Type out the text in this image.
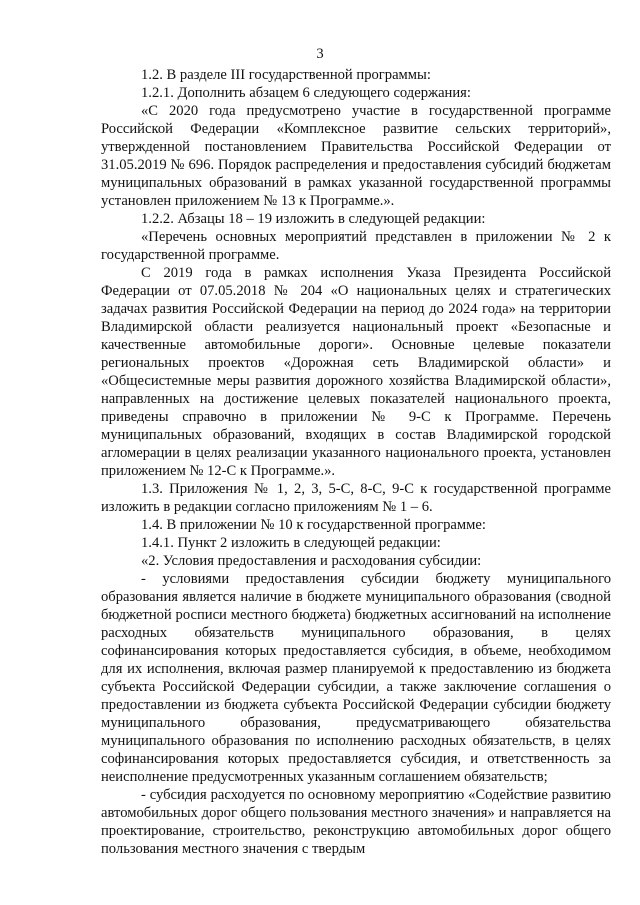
3

1.2. В разделе III государственной программы:

1.2.1. Дополнить абзацем 6 следующего содержания:

«С 2020 года предусмотрено участие в государственной программе Российской Федерации «Комплексное развитие сельских территорий», утвержденной постановлением Правительства Российской Федерации от 31.05.2019 № 696. Порядок распределения и предоставления субсидий бюджетам муниципальных образований в рамках указанной государственной программы установлен приложением № 13 к Программе.».

1.2.2. Абзацы 18 – 19 изложить в следующей редакции:

«Перечень основных мероприятий представлен в приложении № 2 к государственной программе.

С 2019 года в рамках исполнения Указа Президента Российской Федерации от 07.05.2018 № 204 «О национальных целях и стратегических задачах развития Российской Федерации на период до 2024 года» на территории Владимирской области реализуется национальный проект «Безопасные и качественные автомобильные дороги». Основные целевые показатели региональных проектов «Дорожная сеть Владимирской области» и «Общесистемные меры развития дорожного хозяйства Владимирской области», направленных на достижение целевых показателей национального проекта, приведены справочно в приложении № 9-С к Программе. Перечень муниципальных образований, входящих в состав Владимирской городской агломерации в целях реализации указанного национального проекта, установлен приложением № 12-С к Программе.».

1.3. Приложения № 1, 2, 3, 5-С, 8-С, 9-С к государственной программе изложить в редакции согласно приложениям № 1 – 6.

1.4. В приложении № 10 к государственной программе:

1.4.1. Пункт 2 изложить в следующей редакции:

«2. Условия предоставления и расходования субсидии:

- условиями предоставления субсидии бюджету муниципального образования является наличие в бюджете муниципального образования (сводной бюджетной росписи местного бюджета) бюджетных ассигнований на исполнение расходных обязательств муниципального образования, в целях софинансирования которых предоставляется субсидия, в объеме, необходимом для их исполнения, включая размер планируемой к предоставлению из бюджета субъекта Российской Федерации субсидии, а также заключение соглашения о предоставлении из бюджета субъекта Российской Федерации субсидии бюджету муниципального образования, предусматривающего обязательства муниципального образования по исполнению расходных обязательств, в целях софинансирования которых предоставляется субсидия, и ответственность за неисполнение предусмотренных указанным соглашением обязательств;

- субсидия расходуется по основному мероприятию «Содействие развитию автомобильных дорог общего пользования местного значения» и направляется на проектирование, строительство, реконструкцию автомобильных дорог общего пользования местного значения с твердым
